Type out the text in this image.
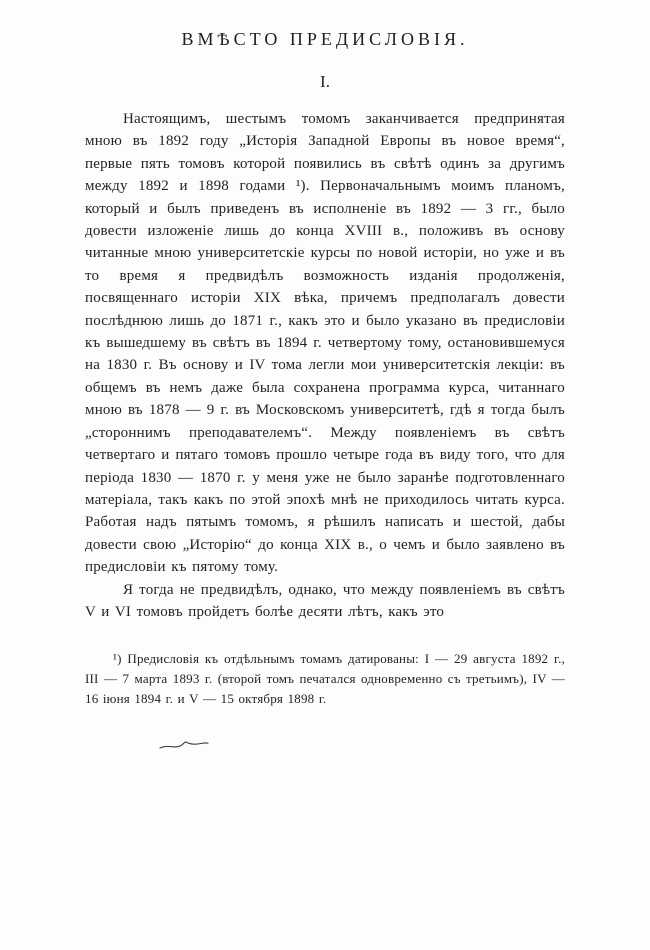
ВМѢСТО ПРЕДИСЛОВІЯ.
I.

Настоящимъ, шестымъ томомъ заканчивается предпринятая мною въ 1892 году „Исторія Западной Европы въ новое время“, первые пять томовъ которой появились въ свѣтѣ одинъ за другимъ между 1892 и 1898 годами ¹). Первоначальнымъ моимъ планомъ, который и былъ приведенъ въ исполненіе въ 1892 — 3 гг., было довести изложеніе лишь до конца XVIII в., положивъ въ основу читанные мною университетскіе курсы по новой исторіи, но уже и въ то время я предвидѣлъ возможность изданія продолженія, посвященнаго исторіи XIX вѣка, причемъ предполагалъ довести послѣднюю лишь до 1871 г., какъ это и было указано въ предисловіи къ вышедшему въ свѣтъ въ 1894 г. четвертому тому, остановившемуся на 1830 г. Въ основу и IV тома легли мои университетскія лекціи: въ общемъ въ немъ даже была сохранена программа курса, читаннаго мною въ 1878 — 9 г. въ Московскомъ университетѣ, гдѣ я тогда былъ „стороннимъ преподавателемъ“. Между появленіемъ въ свѣтъ четвертаго и пятаго томовъ прошло четыре года въ виду того, что для періода 1830 — 1870 г. у меня уже не было заранѣе подготовленнаго матеріала, такъ какъ по этой эпохѣ мнѣ не приходилось читать курса. Работая надъ пятымъ томомъ, я рѣшилъ написать и шестой, дабы довести свою „Исторію“ до конца XIX в., о чемъ и было заявлено въ предисловіи къ пятому тому.

Я тогда не предвидѣлъ, однако, что между появленіемъ въ свѣтъ V и VI томовъ пройдетъ болѣе десяти лѣтъ, какъ это

¹) Предисловія къ отдѣльнымъ томамъ датированы: I — 29 августа 1892 г., III — 7 марта 1893 г. (второй томъ печатался одновременно съ третьимъ), IV — 16 іюня 1894 г. и V — 15 октября 1898 г.
